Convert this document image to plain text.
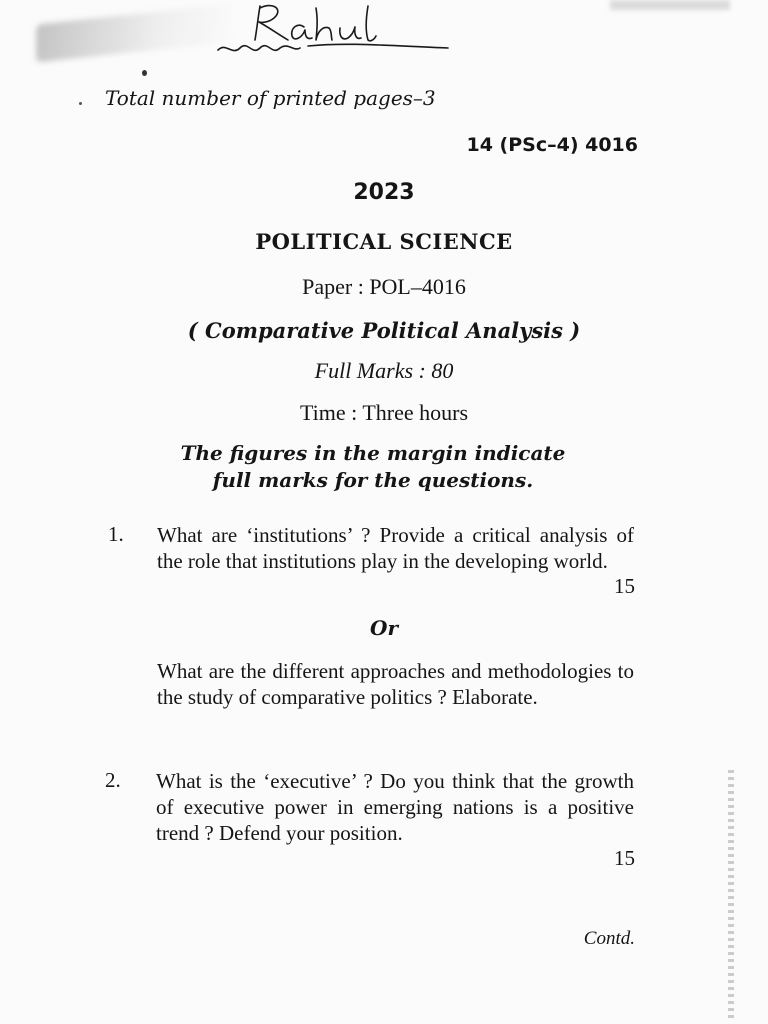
Total number of printed pages–3
14 (PSc–4) 4016
2023
POLITICAL SCIENCE
Paper : POL–4016
( Comparative Political Analysis )
Full Marks : 80
Time : Three hours
The figures in the margin indicate full marks for the questions.
1. What are ‘institutions’ ? Provide a critical analysis of the role that institutions play in the developing world.
15
Or
What are the different approaches and methodologies to the study of comparative politics ? Elaborate.
2. What is the ‘executive’ ? Do you think that the growth of executive power in emerging nations is a positive trend ? Defend your position.
15
Contd.
